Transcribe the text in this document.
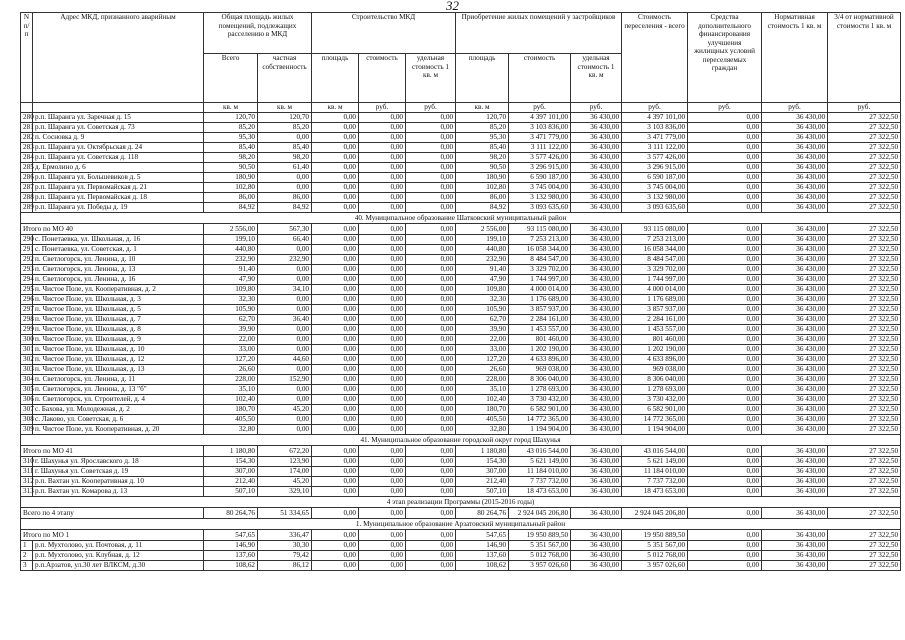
32
N п/п	Адрес МКД, признанного аварийным	Общая площадь жилых помещений, подлежащих расселению в МКД		Строительство МКД			Приобретение жилых помещений у застройщиков			Стоимость переселения - всего	Средства дополнительного финансирования улучшения жилищных условий переселяемых граждан	Нормативная стоимость 1 кв. м	3/4 от нормативной стоимости 1 кв. м
		Всего	частная собственность	площадь	стоимость	удельная стоимость 1 кв. м	площадь	стоимость	удельная стоимость 1 кв. м				
		кв. м	кв. м	кв. м	руб.	руб.	кв. м	руб.	руб.	руб.	руб.	руб.	руб.
280	р.п. Шаранга ул. Заречная д. 15	120,70	120,70	0,00	0,00	0,00	120,70	4 397 101,00	36 430,00	4 397 101,00	0,00	36 430,00	27 322,50
281	р.п. Шаранга ул. Советская д. 73	85,20	85,20	0,00	0,00	0,00	85,20	3 103 836,00	36 430,00	3 103 836,00	0,00	36 430,00	27 322,50
282	п. Сосновка д. 9	95,30	0,00	0,00	0,00	0,00	95,30	3 471 779,00	36 430,00	3 471 779,00	0,00	36 430,00	27 322,50
283	р.п. Шаранга ул. Октябрьская д. 24	85,40	85,40	0,00	0,00	0,00	85,40	3 111 122,00	36 430,00	3 111 122,00	0,00	36 430,00	27 322,50
284	р.п. Шаранга ул. Советская д. 118	98,20	98,20	0,00	0,00	0,00	98,20	3 577 426,00	36 430,00	3 577 426,00	0,00	36 430,00	27 322,50
285	д. Ермолино д. 6	90,50	61,40	0,00	0,00	0,00	90,50	3 296 915,00	36 430,00	3 296 915,00	0,00	36 430,00	27 322,50
286	р.п. Шаранга ул. Большевиков д. 5	180,90	0,00	0,00	0,00	0,00	180,90	6 590 187,00	36 430,00	6 590 187,00	0,00	36 430,00	27 322,50
287	р.п. Шаранга ул. Первомайская д. 21	102,80	0,00	0,00	0,00	0,00	102,80	3 745 004,00	36 430,00	3 745 004,00	0,00	36 430,00	27 322,50
288	р.п. Шаранга ул. Первомайская д. 18	86,00	86,00	0,00	0,00	0,00	86,00	3 132 980,00	36 430,00	3 132 980,00	0,00	36 430,00	27 322,50
289	р.п. Шаранга ул. Победы д. 19	84,92	84,92	0,00	0,00	0,00	84,92	3 093 635,60	36 430,00	3 093 635,60	0,00	36 430,00	27 322,50
40. Муниципальное образование Шатковский муниципальный район													
Итого по МО 40		2 556,00	567,30	0,00	0,00	0,00	2 556,00	93 115 080,00	36 430,00	93 115 080,00	0,00	36 430,00	27 322,50
290	с. Понетаевка, ул. Школьная, д. 16	199,10	66,40	0,00	0,00	0,00	199,10	7 253 213,00	36 430,00	7 253 213,00	0,00	36 430,00	27 322,50
291	с. Понетаевка, ул. Советская, д. 1	440,80	0,00	0,00	0,00	0,00	440,80	16 058 344,00	36 430,00	16 058 344,00	0,00	36 430,00	27 322,50
292	п. Светлогорск, ул. Ленина, д. 10	232,90	232,90	0,00	0,00	0,00	232,90	8 484 547,00	36 430,00	8 484 547,00	0,00	36 430,00	27 322,50
293	п. Светлогорск, ул. Ленина, д. 13	91,40	0,00	0,00	0,00	0,00	91,40	3 329 702,00	36 430,00	3 329 702,00	0,00	36 430,00	27 322,50
294	п. Светлогорск, ул. Ленина, д. 16	47,90	0,00	0,00	0,00	0,00	47,90	1 744 997,00	36 430,00	1 744 997,00	0,00	36 430,00	27 322,50
295	п. Чистое Поле, ул. Кооперативная, д. 2	109,80	34,10	0,00	0,00	0,00	109,80	4 000 014,00	36 430,00	4 000 014,00	0,00	36 430,00	27 322,50
296	п. Чистое Поле, ул. Школьная, д. 3	32,30	0,00	0,00	0,00	0,00	32,30	1 176 689,00	36 430,00	1 176 689,00	0,00	36 430,00	27 322,50
297	п. Чистое Поле, ул. Школьная, д. 5	105,90	0,00	0,00	0,00	0,00	105,90	3 857 937,00	36 430,00	3 857 937,00	0,00	36 430,00	27 322,50
298	п. Чистое Поле, ул. Школьная, д. 7	62,70	36,40	0,00	0,00	0,00	62,70	2 284 161,00	36 430,00	2 284 161,00	0,00	36 430,00	27 322,50
299	п. Чистое Поле, ул. Школьная, д. 8	39,90	0,00	0,00	0,00	0,00	39,90	1 453 557,00	36 430,00	1 453 557,00	0,00	36 430,00	27 322,50
300	п. Чистое Поле, ул. Школьная, д. 9	22,00	0,00	0,00	0,00	0,00	22,00	801 460,00	36 430,00	801 460,00	0,00	36 430,00	27 322,50
301	п. Чистое Поле, ул. Школьная, д. 10	33,00	0,00	0,00	0,00	0,00	33,00	1 202 190,00	36 430,00	1 202 190,00	0,00	36 430,00	27 322,50
302	п. Чистое Поле, ул. Школьная, д. 12	127,20	44,60	0,00	0,00	0,00	127,20	4 633 896,00	36 430,00	4 633 896,00	0,00	36 430,00	27 322,50
303	п. Чистое Поле, ул. Школьная, д. 13	26,60	0,00	0,00	0,00	0,00	26,60	969 038,00	36 430,00	969 038,00	0,00	36 430,00	27 322,50
304	п. Светлогорск, ул. Ленина, д. 11	228,00	152,90	0,00	0,00	0,00	228,00	8 306 040,00	36 430,00	8 306 040,00	0,00	36 430,00	27 322,50
305	п. Светлогорск, ул. Ленина, д. 13 "б"	35,10	0,00	0,00	0,00	0,00	35,10	1 278 693,00	36 430,00	1 278 693,00	0,00	36 430,00	27 322,50
306	п. Светлогорск, ул. Строителей, д. 4	102,40	0,00	0,00	0,00	0,00	102,40	3 730 432,00	36 430,00	3 730 432,00	0,00	36 430,00	27 322,50
307	с. Бахова, ул. Молодежная, д. 2	180,70	45,20	0,00	0,00	0,00	180,70	6 582 901,00	36 430,00	6 582 901,00	0,00	36 430,00	27 322,50
308	с. Лаково, ул. Советская, д. 6	405,50	0,00	0,00	0,00	0,00	405,50	14 772 365,00	36 430,00	14 772 365,00	0,00	36 430,00	27 322,50
309	п. Чистое Поле, ул. Кооперативная, д. 20	32,80	0,00	0,00	0,00	0,00	32,80	1 194 904,00	36 430,00	1 194 904,00	0,00	36 430,00	27 322,50
41. Муниципальное образование городской округ город Шахунья													
Итого по МО 41		1 180,80	672,20	0,00	0,00	0,00	1 180,80	43 016 544,00	36 430,00	43 016 544,00	0,00	36 430,00	27 322,50
310	г. Шахунья ул. Ярославского д. 18	154,30	123,90	0,00	0,00	0,00	154,30	5 621 149,00	36 430,00	5 621 149,00	0,00	36 430,00	27 322,50
311	г. Шахунья ул. Советская д. 19	307,00	174,00	0,00	0,00	0,00	307,00	11 184 010,00	36 430,00	11 184 010,00	0,00	36 430,00	27 322,50
312	р.п. Вахтан ул. Кооперативная д. 10	212,40	45,20	0,00	0,00	0,00	212,40	7 737 732,00	36 430,00	7 737 732,00	0,00	36 430,00	27 322,50
313	р.п. Вахтан ул. Комарова д. 13	507,10	329,10	0,00	0,00	0,00	507,10	18 473 653,00	36 430,00	18 473 653,00	0,00	36 430,00	27 322,50
4 этап реализации Программы (2015-2016 годы)													
Всего по 4 этапу		80 264,76	51 334,65	0,00	0,00	0,00	80 264,76	2 924 045 206,80	36 430,00	2 924 045 206,80	0,00	36 430,00	27 322,50
1. Муниципальное образование Арзатовский муниципальный район													
Итого по МО 1		547,65	336,47	0,00	0,00	0,00	547,65	19 950 889,50	36 430,00	19 950 889,50	0,00	36 430,00	27 322,50
1	р.п. Мухтолово, ул. Почтовая, д. 11	146,90	30,30	0,00	0,00	0,00	146,90	5 351 567,00	36 430,00	5 351 567,00	0,00	36 430,00	27 322,50
2	р.п. Мухтолово, ул. Клубная, д. 12	137,60	79,42	0,00	0,00	0,00	137,60	5 012 768,00	36 430,00	5 012 768,00	0,00	36 430,00	27 322,50
3	р.п.Арзатов, ул.30 лет ВЛКСМ, д.30	108,62	86,12	0,00	0,00	0,00	108,62	3 957 026,60	36 430,00	3 957 026,60	0,00	36 430,00	27 322,50
